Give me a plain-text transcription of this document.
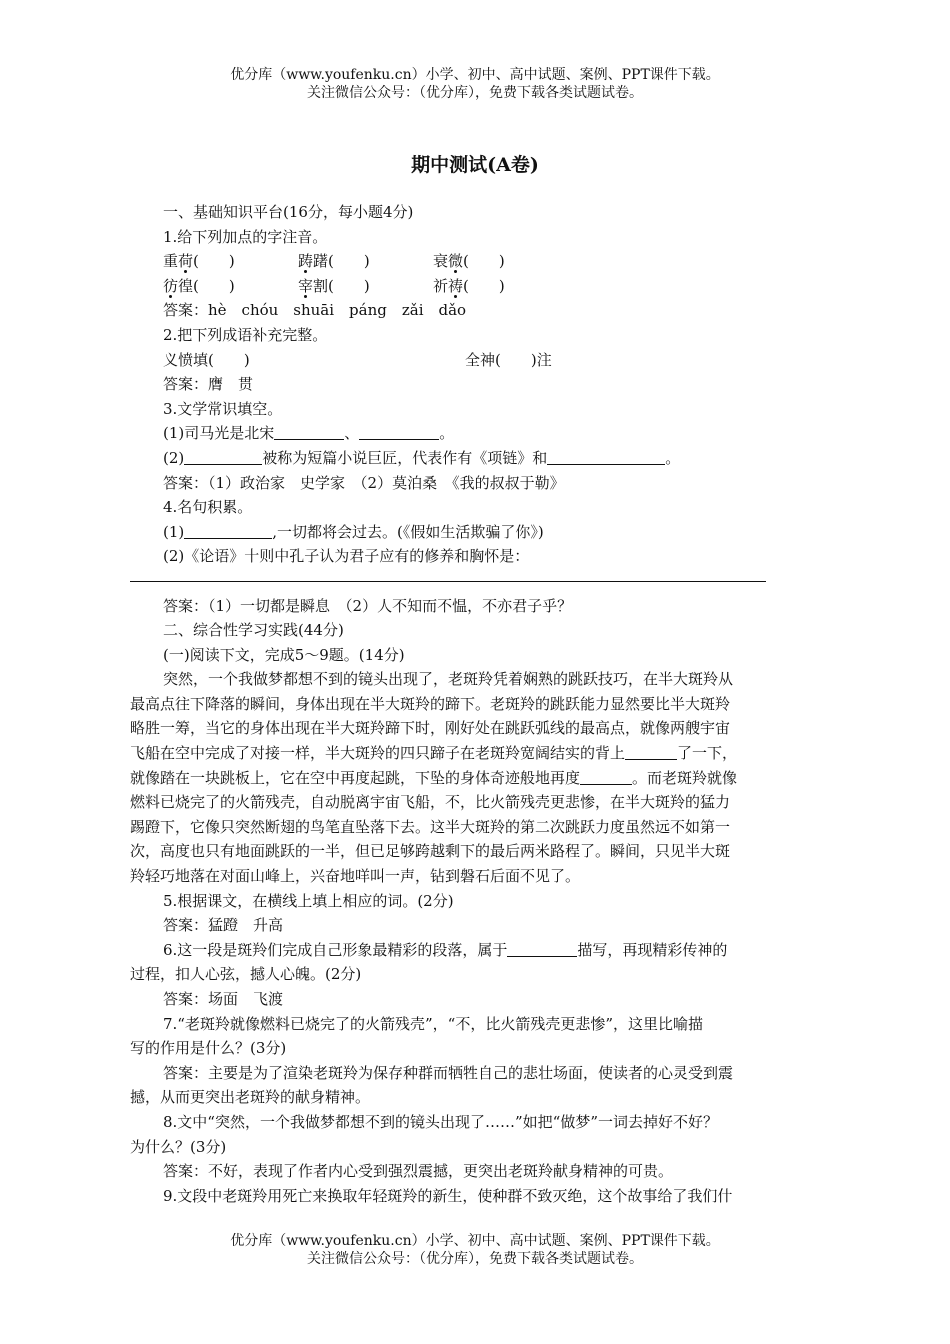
优分库（www.youfenku.cn）小学、初中、高中试题、案例、PPT课件下载。
关注微信公众号：（优分库），免费下载各类试题试卷。
期中测试(A卷)
一、基础知识平台(16分，每小题4分)
1.给下列加点的字注音。
重荷(　　)	踌躇(　　)	衰微(　　)
彷徨(　　)	宰割(　　)	祈祷(　　)
答案：hè　chóu　shuāi　páng　zǎi　dǎo
2.把下列成语补充完整。
义愤填(　　)	全神(　　)注
答案：膺　贯
3.文学常识填空。
(1)司马光是北宋	、	。
(2)	被称为短篇小说巨匠，代表作有《项链》和	。
答案：（1）政治家　史学家　（2）莫泊桑　《我的叔叔于勒》
4.名句积累。
(1)	,一切都将会过去。(《假如生活欺骗了你》)
(2)《论语》十则中孔子认为君子应有的修养和胸怀是：
答案：（1）一切都是瞬息　（2）人不知而不愠，不亦君子乎？
二、综合性学习实践(44分)
(一)阅读下文，完成5～9题。(14分)
突然，一个我做梦都想不到的镜头出现了，老斑羚凭着娴熟的跳跃技巧，在半大斑羚从
最高点往下降落的瞬间，身体出现在半大斑羚的蹄下。老斑羚的跳跃能力显然要比半大斑羚
略胜一筹，当它的身体出现在半大斑羚蹄下时，刚好处在跳跃弧线的最高点，就像两艘宇宙
飞船在空中完成了对接一样，半大斑羚的四只蹄子在老斑羚宽阔结实的背上	了一下，
就像踏在一块跳板上，它在空中再度起跳，下坠的身体奇迹般地再度	。而老斑羚就像
燃料已烧完了的火箭残壳，自动脱离宇宙飞船，不，比火箭残壳更悲惨，在半大斑羚的猛力
踢蹬下，它像只突然断翅的鸟笔直坠落下去。这半大斑羚的第二次跳跃力度虽然远不如第一
次，高度也只有地面跳跃的一半，但已足够跨越剩下的最后两米路程了。瞬间，只见半大斑
羚轻巧地落在对面山峰上，兴奋地咩叫一声，钻到磐石后面不见了。
5.根据课文，在横线上填上相应的词。(2分)
答案：猛蹬　升高
6.这一段是斑羚们完成自己形象最精彩的段落，属于	描写，再现精彩传神的
过程，扣人心弦，撼人心魄。(2分)
答案：场面　飞渡
7.“老斑羚就像燃料已烧完了的火箭残壳”，“不，比火箭残壳更悲惨”，这里比喻描
写的作用是什么？(3分)
答案：主要是为了渲染老斑羚为保存种群而牺牲自己的悲壮场面，使读者的心灵受到震
撼，从而更突出老斑羚的献身精神。
8.文中“突然，一个我做梦都想不到的镜头出现了……”如把“做梦”一词去掉好不好？
为什么？(3分)
答案：不好，表现了作者内心受到强烈震撼，更突出老斑羚献身精神的可贵。
9.文段中老斑羚用死亡来换取年轻斑羚的新生，使种群不致灭绝，这个故事给了我们什
优分库（www.youfenku.cn）小学、初中、高中试题、案例、PPT课件下载。
关注微信公众号：（优分库），免费下载各类试题试卷。
